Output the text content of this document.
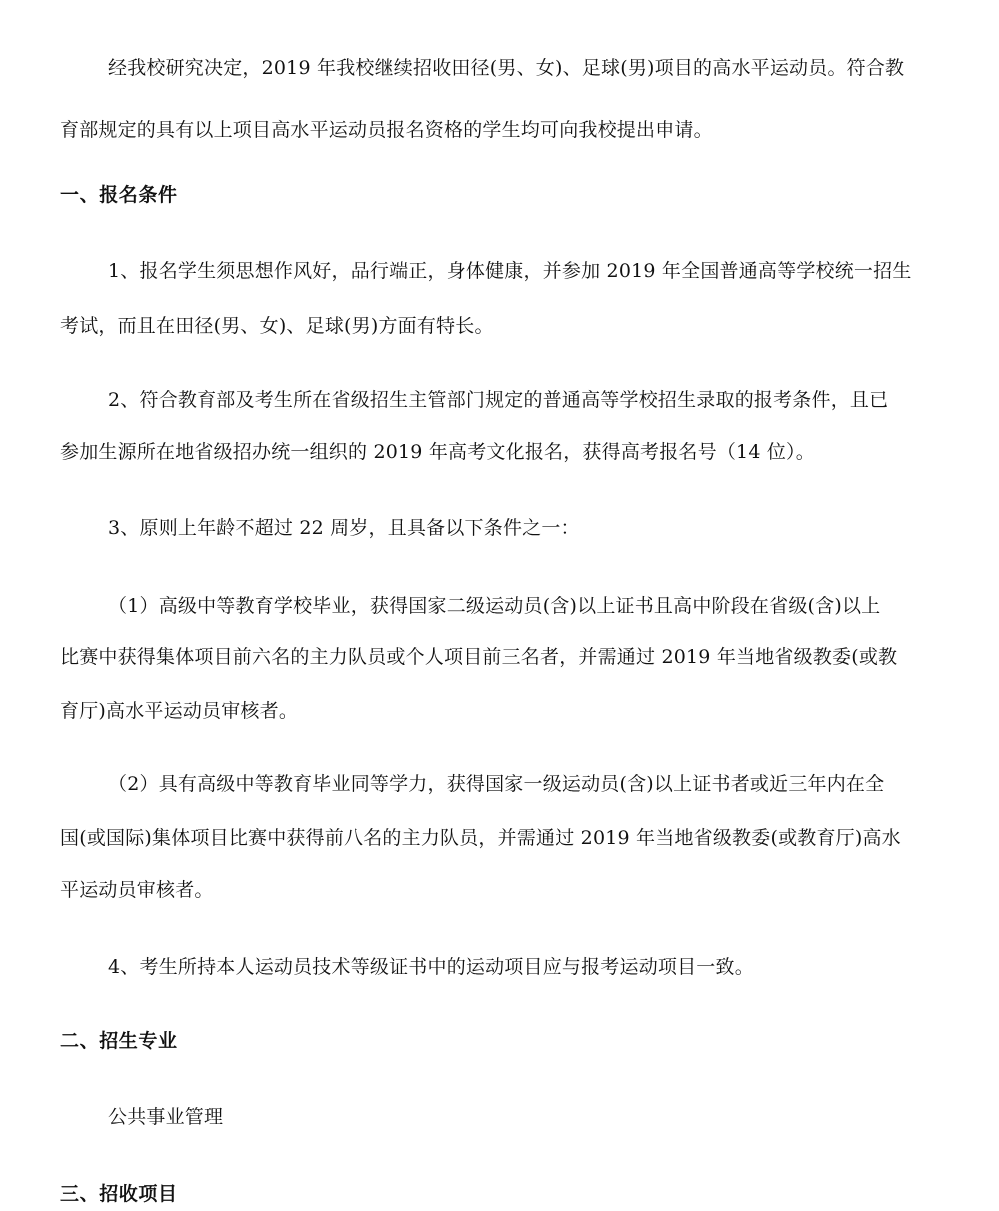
经我校研究决定，2019 年我校继续招收田径(男、女)、足球(男)项目的高水平运动员。符合教
育部规定的具有以上项目高水平运动员报名资格的学生均可向我校提出申请。
一、报名条件
1、报名学生须思想作风好，品行端正，身体健康，并参加 2019 年全国普通高等学校统一招生
考试，而且在田径(男、女)、足球(男)方面有特长。
2、符合教育部及考生所在省级招生主管部门规定的普通高等学校招生录取的报考条件，且已
参加生源所在地省级招办统一组织的 2019 年高考文化报名，获得高考报名号（14 位）。
3、原则上年龄不超过 22 周岁，且具备以下条件之一：
（1）高级中等教育学校毕业，获得国家二级运动员(含)以上证书且高中阶段在省级(含)以上
比赛中获得集体项目前六名的主力队员或个人项目前三名者，并需通过 2019 年当地省级教委(或教
育厅)高水平运动员审核者。
（2）具有高级中等教育毕业同等学力，获得国家一级运动员(含)以上证书者或近三年内在全
国(或国际)集体项目比赛中获得前八名的主力队员，并需通过 2019 年当地省级教委(或教育厅)高水
平运动员审核者。
4、考生所持本人运动员技术等级证书中的运动项目应与报考运动项目一致。
二、招生专业
公共事业管理
三、招收项目
